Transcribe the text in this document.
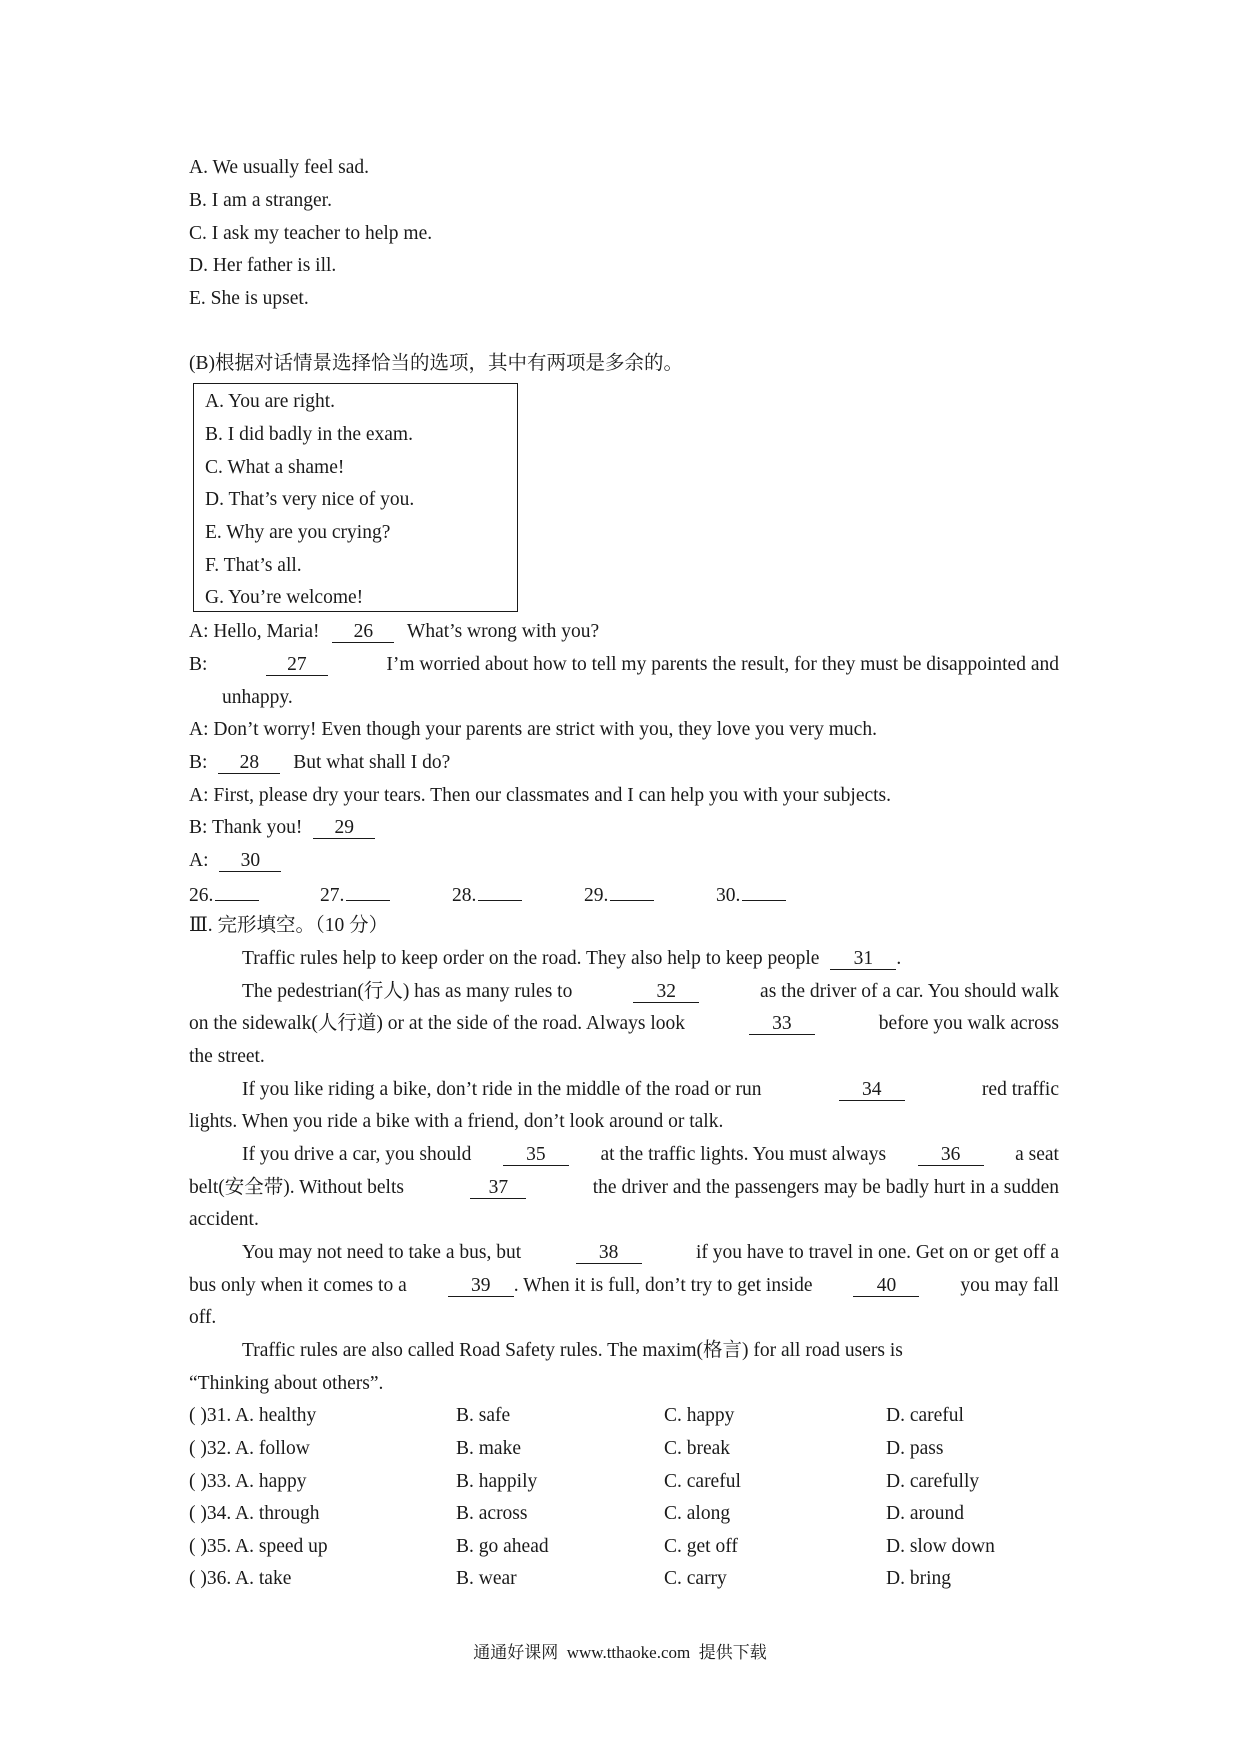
A. We usually feel sad.
B. I am a stranger.
C. I ask my teacher to help me.
D. Her father is ill.
E. She is upset.
(B)根据对话情景选择恰当的选项，其中有两项是多余的。
A. You are right.
B. I did badly in the exam.
C. What a shame!
D. That’s very nice of you.
E. Why are you crying?
F. That’s all.
G. You’re welcome!
A: Hello, Maria! 26 What’s wrong with you?
B:	27	I’m worried about how to tell my parents the result, for they must be disappointed and
unhappy.
A: Don’t worry! Even though your parents are strict with you, they love you very much.
B: 28 But what shall I do?
A: First, please dry your tears. Then our classmates and I can help you with your subjects.
B: Thank you! 29
A: 30
26.	27.	28.	29.	30.
Ⅲ. 完形填空。（10 分）
Traffic rules help to keep order on the road. They also help to keep people 31 .
The pedestrian(行人) has as many rules to	32	as the driver of a car. You should walk
on the sidewalk(人行道) or at the side of the road. Always look	33	before you walk across
the street.
If you like riding a bike, don’t ride in the middle of the road or run	34	red traffic
lights. When you ride a bike with a friend, don’t look around or talk.
If you drive a car, you should	35	at the traffic lights. You must always	36	a seat
belt(安全带). Without belts	37	the driver and the passengers may be badly hurt in a sudden
accident.
You may not need to take a bus, but	38	if you have to travel in one. Get on or get off a
bus only when it comes to a	39	. When it is full, don’t try to get inside	40	you may fall
off.
Traffic rules are also called Road Safety rules. The maxim(格言) for all road users is
“Thinking about others”.
( )31. A. healthy	B. safe	C. happy	D. careful
( )32. A. follow	B. make	C. break	D. pass
( )33. A. happy	B. happily	C. careful	D. carefully
( )34. A. through	B. across	C. along	D. around
( )35. A. speed up	B. go ahead	C. get off	D. slow down
( )36. A. take	B. wear	C. carry	D. bring
通通好课网  www.tthaoke.com  提供下载
